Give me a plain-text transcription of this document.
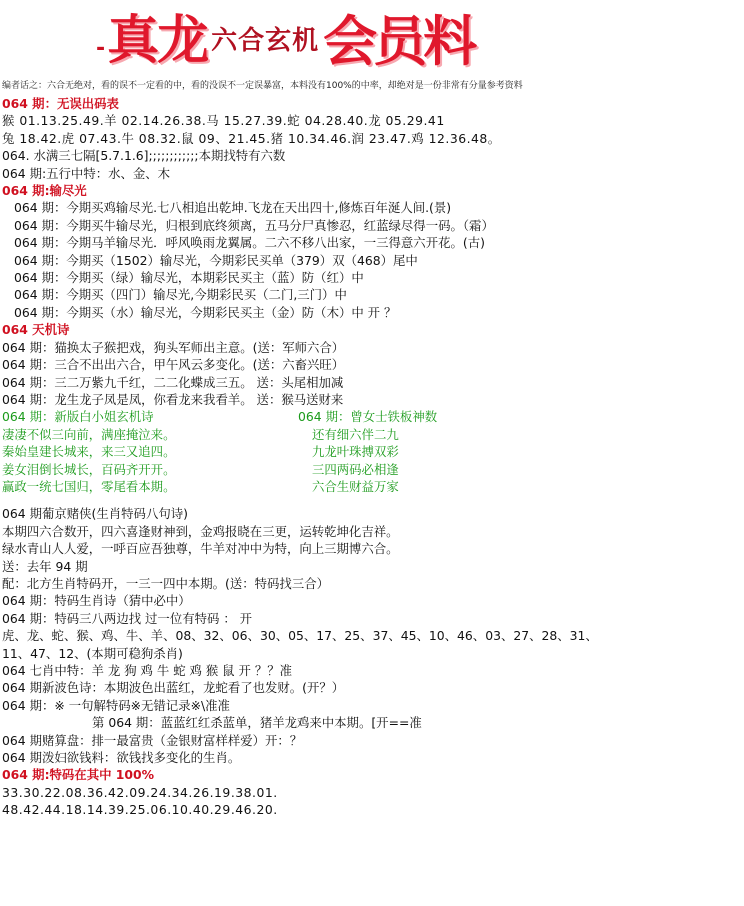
- 真龙 六合玄机 会员料
编者话之：六合无绝对，看的误不一定看的中，看的没误不一定误暴富，本料没有100%的中率，却绝对是一份非常有分量参考资料
064 期：无误出码表
猴 01.13.25.49.羊 02.14.26.38.马 15.27.39.蛇 04.28.40.龙 05.29.41
兔 18.42.虎 07.43.牛 08.32.鼠 09、21.45.猪 10.34.46.润 23.47.鸡 12.36.48。
064. 水满三七隔[5.7.1.6];;;;;;;;;;;;本期找特有六数
064 期:五行中特：水、金、木
064 期:输尽光
064 期：今期买鸡输尽光.七八相追出乾坤.飞龙在天出四十,修炼百年涎人间.(景)
064 期：今期买牛输尽光，归根到底终须离，五马分尸真惨忍，红蓝绿尽得一码。（霜）
064 期：今期马羊输尽光．呼风唤雨龙翼属。二六不移八出家，一三得意六开花。(古)
064 期：今期买（1502）输尽光，今期彩民买单（379）双（468）尾中
064 期：今期买（绿）输尽光，本期彩民买主（蓝）防（红）中
064 期：今期买（四门）输尽光,今期彩民买（二门,三门）中
064 期：今期买（水）输尽光，今期彩民买主（金）防（木）中 开 ？
064 天机诗
064 期：猫换太子猴把戏，狗头军师出主意。(送：军师六合）
064 期：三合不出出六合，甲午风云多变化。(送：六畜兴旺）
064 期：三二万紫九千红，二二化蝶成三五。 送：头尾相加减
064 期：龙生龙子凤是凤，你看龙来我看羊。 送：猴马送财来
064 期：新版白小姐玄机诗
凄凄不似三向前，满座掩泣来。
秦始皇建长城来，来三又追四。
姜女泪倒长城长，百码齐开开。
赢政一统七国归，零尾看本期。
064 期：曾女士铁板神数
还有细六伴二九
九龙叶珠搏双彩
三四两码必相逢
六合生财益万家
064 期葡京赌侠(生肖特码八句诗)
本期四六合数开，四六喜逢财神到，金鸡报晓在三更，运转乾坤化吉祥。
绿水青山人人爱，一呼百应吾独尊，牛羊对冲中为特，向上三期博六合。
送：去年 94 期
配：北方生肖特码开，一三一四中本期。(送：特码找三合）
064 期：特码生肖诗（猜中必中）
064 期：特码三八两边找 过一位有特码 ： 开
虎、龙、蛇、猴、鸡、牛、羊、08、32、06、30、05、17、25、37、45、10、46、03、27、28、31、
11、47、12、(本期可稳狗杀肖)
064 七肖中特：羊 龙 狗 鸡 牛 蛇 鸡 猴 鼠 开 ？？准
064 期新波色诗：本期波色出蓝红，龙蛇看了也发财。(开？）
064 期：※ 一句解特码※无错记录※\准准
第 064 期：蓝蓝红红杀蓝单，猪羊龙鸡来中本期。[开==准
064 期赌算盘：排一最富贵（金银财富样样爱）开：？
064 期泼妇欲钱料：欲钱找多变化的生肖。
064 期:特码在其中 100%
33.30.22.08.36.42.09.24.34.26.19.38.01.
48.42.44.18.14.39.25.06.10.40.29.46.20.
